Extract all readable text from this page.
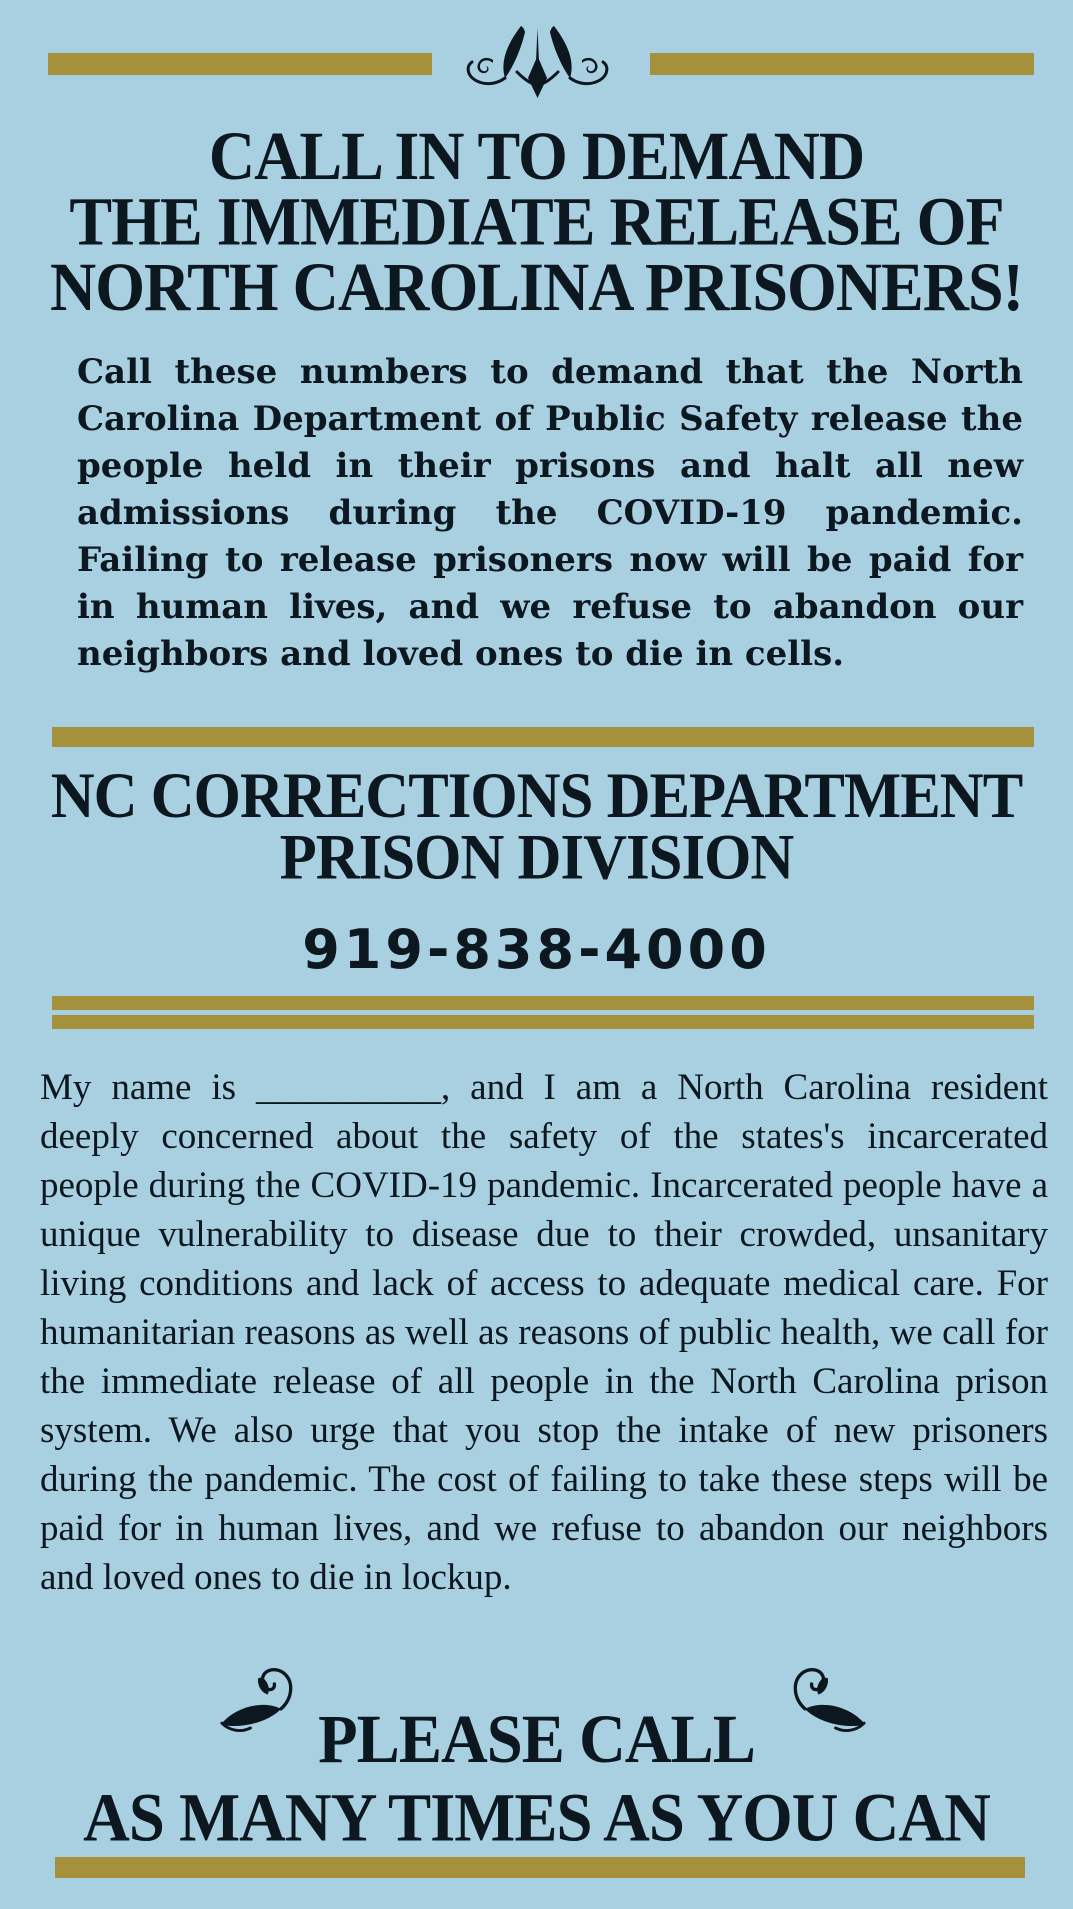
CALL IN TO DEMAND
THE IMMEDIATE RELEASE OF
NORTH CAROLINA PRISONERS!
Call these numbers to demand that the North Carolina Department of Public Safety release the people held in their prisons and halt all new admissions during the COVID-19 pandemic. Failing to release prisoners now will be paid for in human lives, and we refuse to abandon our neighbors and loved ones to die in cells.
NC CORRECTIONS DEPARTMENT
PRISON DIVISION
919-838-4000
My name is __________, and I am a North Carolina resident deeply concerned about the safety of the states's incarcerated people during the COVID-19 pandemic. Incarcerated people have a unique vulnerability to disease due to their crowded, unsanitary living conditions and lack of access to adequate medical care. For humanitarian reasons as well as reasons of public health, we call for the immediate release of all people in the North Carolina prison system. We also urge that you stop the intake of new prisoners during the pandemic. The cost of failing to take these steps will be paid for in human lives, and we refuse to abandon our neighbors and loved ones to die in lockup.
PLEASE CALL
AS MANY TIMES AS YOU CAN
